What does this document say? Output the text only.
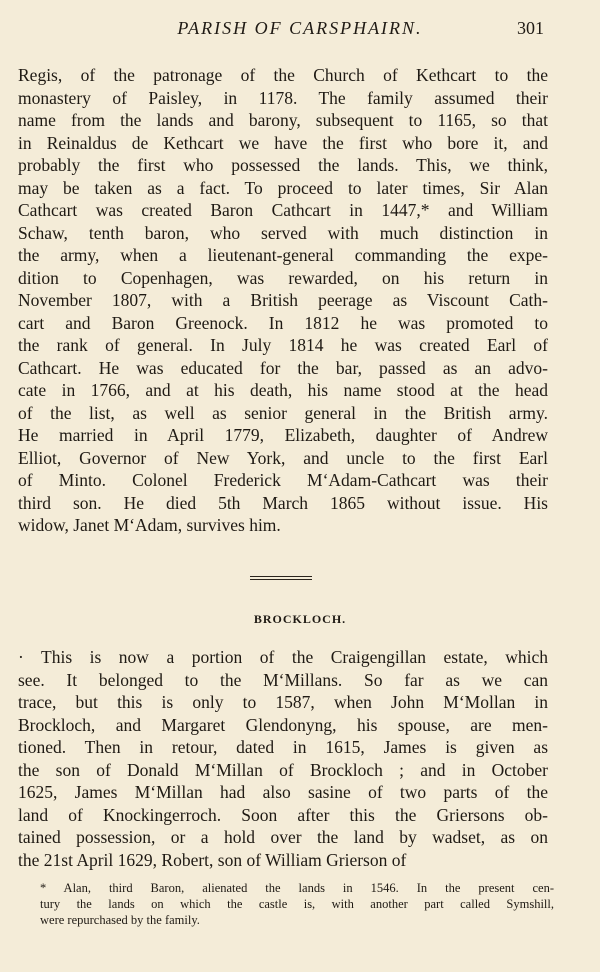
PARISH OF CARSPHAIRN.	301
Regis, of the patronage of the Church of Kethcart to the
monastery of Paisley, in 1178. The family assumed their
name from the lands and barony, subsequent to 1165, so that
in Reinaldus de Kethcart we have the first who bore it, and
probably the first who possessed the lands. This, we think,
may be taken as a fact. To proceed to later times, Sir Alan
Cathcart was created Baron Cathcart in 1447,* and William
Schaw, tenth baron, who served with much distinction in
the army, when a lieutenant-general commanding the expe-
dition to Copenhagen, was rewarded, on his return in
November 1807, with a British peerage as Viscount Cath-
cart and Baron Greenock. In 1812 he was promoted to
the rank of general. In July 1814 he was created Earl of
Cathcart. He was educated for the bar, passed as an advo-
cate in 1766, and at his death, his name stood at the head
of the list, as well as senior general in the British army.
He married in April 1779, Elizabeth, daughter of Andrew
Elliot, Governor of New York, and uncle to the first Earl
of Minto. Colonel Frederick M‘Adam-Cathcart was their
third son. He died 5th March 1865 without issue. His
widow, Janet M‘Adam, survives him.
BROCKLOCH.
· This is now a portion of the Craigengillan estate, which
see. It belonged to the M‘Millans. So far as we can
trace, but this is only to 1587, when John M‘Mollan in
Brockloch, and Margaret Glendonyng, his spouse, are men-
tioned. Then in retour, dated in 1615, James is given as
the son of Donald M‘Millan of Brockloch ; and in October
1625, James M‘Millan had also sasine of two parts of the
land of Knockingerroch. Soon after this the Griersons ob-
tained possession, or a hold over the land by wadset, as on
the 21st April 1629, Robert, son of William Grierson of
* Alan, third Baron, alienated the lands in 1546. In the present cen-
tury the lands on which the castle is, with another part called Symshill,
were repurchased by the family.
